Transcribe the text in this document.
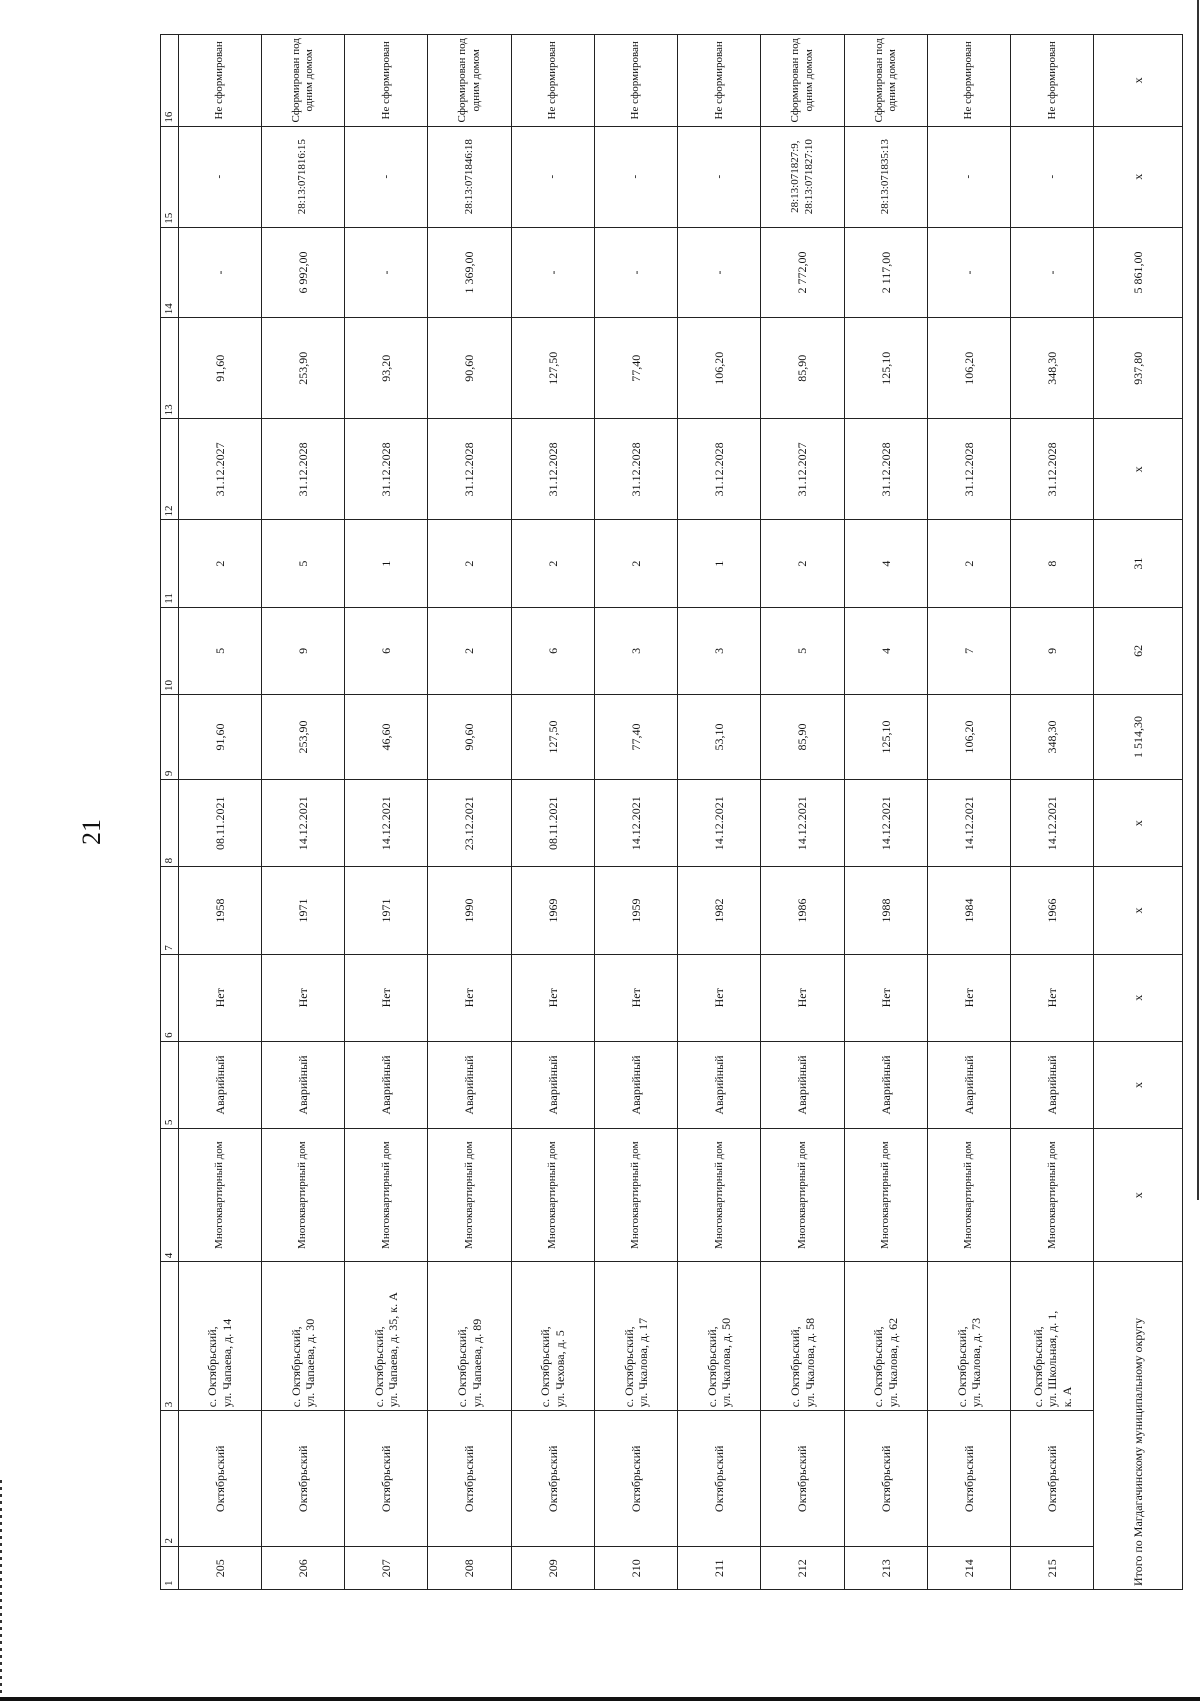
21
1	2	3	4	5	6	7	8	9	10	11	12	13	14	15	16
205	Октябрьский	с. Октябрьский, ул. Чапаева, д. 14	Многоквартирный дом	Аварийный	Нет	1958	08.11.2021	91,60	5	2	31.12.2027	91,60	-	-	Не сформирован
206	Октябрьский	с. Октябрьский, ул. Чапаева, д. 30	Многоквартирный дом	Аварийный	Нет	1971	14.12.2021	253,90	9	5	31.12.2028	253,90	6 992,00	28:13:071816:15	Сформирован под одним домом
207	Октябрьский	с. Октябрьский, ул. Чапаева, д. 35, к. А	Многоквартирный дом	Аварийный	Нет	1971	14.12.2021	46,60	6	1	31.12.2028	93,20	-	-	Не сформирован
208	Октябрьский	с. Октябрьский, ул. Чапаева, д. 89	Многоквартирный дом	Аварийный	Нет	1990	23.12.2021	90,60	2	2	31.12.2028	90,60	1 369,00	28:13:071846:18	Сформирован под одним домом
209	Октябрьский	с. Октябрьский, ул. Чехова, д. 5	Многоквартирный дом	Аварийный	Нет	1969	08.11.2021	127,50	6	2	31.12.2028	127,50	-	-	Не сформирован
210	Октябрьский	с. Октябрьский, ул. Чкалова, д. 17	Многоквартирный дом	Аварийный	Нет	1959	14.12.2021	77,40	3	2	31.12.2028	77,40	-	-	Не сформирован
211	Октябрьский	с. Октябрьский, ул. Чкалова, д. 50	Многоквартирный дом	Аварийный	Нет	1982	14.12.2021	53,10	3	1	31.12.2028	106,20	-	-	Не сформирован
212	Октябрьский	с. Октябрьский, ул. Чкалова, д. 58	Многоквартирный дом	Аварийный	Нет	1986	14.12.2021	85,90	5	2	31.12.2027	85,90	2 772,00	28:13:071827:9, 28:13:071827:10	Сформирован под одним домом
213	Октябрьский	с. Октябрьский, ул. Чкалова, д. 62	Многоквартирный дом	Аварийный	Нет	1988	14.12.2021	125,10	4	4	31.12.2028	125,10	2 117,00	28:13:071835:13	Сформирован под одним домом
214	Октябрьский	с. Октябрьский, ул. Чкалова, д. 73	Многоквартирный дом	Аварийный	Нет	1984	14.12.2021	106,20	7	2	31.12.2028	106,20	-	-	Не сформирован
215	Октябрьский	с. Октябрьский, ул. Школьная, д. 1, к. А	Многоквартирный дом	Аварийный	Нет	1966	14.12.2021	348,30	9	8	31.12.2028	348,30	-	-	Не сформирован
Итого по Магдагачинскому муниципальному округу			x	x	x	x	x	1 514,30	62	31	x	937,80	5 861,00	x	x
